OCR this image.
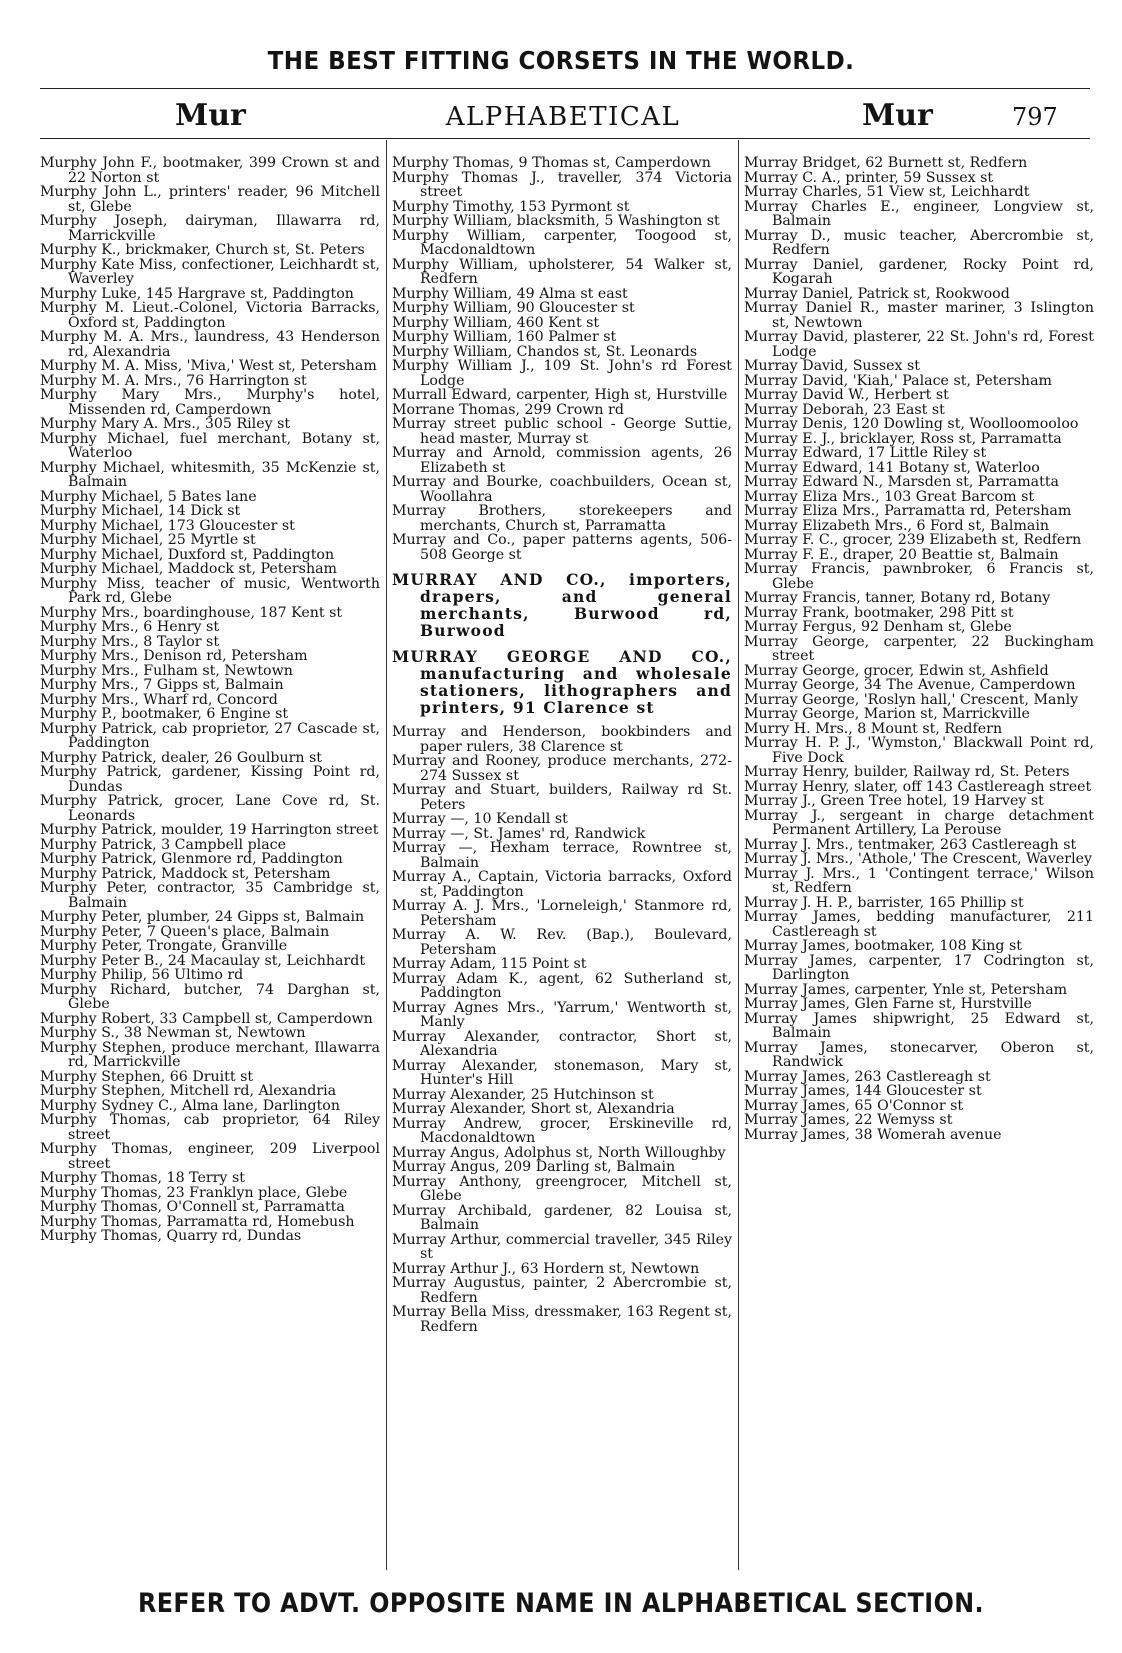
THE BEST FITTING CORSETS IN THE WORLD.
Mur	ALPHABETICAL	Mur	797

Murphy John F., bootmaker, 399 Crown st and 22 Norton st

Murphy John L., printers' reader, 96 Mitchell st, Glebe

Murphy Joseph, dairyman, Illawarra rd, Marrickville

Murphy K., brickmaker, Church st, St. Peters

Murphy Kate Miss, confectioner, Leichhardt st, Waverley

Murphy Luke, 145 Hargrave st, Paddington

Murphy M. Lieut.-Colonel, Victoria Barracks, Oxford st, Paddington

Murphy M. A. Mrs., laundress, 43 Henderson rd, Alexandria

Murphy M. A. Miss, 'Miva,' West st, Petersham

Murphy M. A. Mrs., 76 Harrington st

Murphy Mary Mrs., Murphy's hotel, Missenden rd, Camperdown

Murphy Mary A. Mrs., 305 Riley st

Murphy Michael, fuel merchant, Botany st, Waterloo

Murphy Michael, whitesmith, 35 McKenzie st, Balmain

Murphy Michael, 5 Bates lane

Murphy Michael, 14 Dick st

Murphy Michael, 173 Gloucester st

Murphy Michael, 25 Myrtle st

Murphy Michael, Duxford st, Paddington

Murphy Michael, Maddock st, Petersham

Murphy Miss, teacher of music, Wentworth Park rd, Glebe

Murphy Mrs., boardinghouse, 187 Kent st

Murphy Mrs., 6 Henry st

Murphy Mrs., 8 Taylor st

Murphy Mrs., Denison rd, Petersham

Murphy Mrs., Fulham st, Newtown

Murphy Mrs., 7 Gipps st, Balmain

Murphy Mrs., Wharf rd, Concord

Murphy P., bootmaker, 6 Engine st

Murphy Patrick, cab proprietor, 27 Cascade st, Paddington

Murphy Patrick, dealer, 26 Goulburn st

Murphy Patrick, gardener, Kissing Point rd, Dundas

Murphy Patrick, grocer, Lane Cove rd, St. Leonards

Murphy Patrick, moulder, 19 Harrington street

Murphy Patrick, 3 Campbell place

Murphy Patrick, Glenmore rd, Paddington

Murphy Patrick, Maddock st, Petersham

Murphy Peter, contractor, 35 Cambridge st, Balmain

Murphy Peter, plumber, 24 Gipps st, Balmain

Murphy Peter, 7 Queen's place, Balmain

Murphy Peter, Trongate, Granville

Murphy Peter B., 24 Macaulay st, Leichhardt

Murphy Philip, 56 Ultimo rd

Murphy Richard, butcher, 74 Darghan st, Glebe

Murphy Robert, 33 Campbell st, Camperdown

Murphy S., 38 Newman st, Newtown

Murphy Stephen, produce merchant, Illawarra rd, Marrickville

Murphy Stephen, 66 Druitt st

Murphy Stephen, Mitchell rd, Alexandria

Murphy Sydney C., Alma lane, Darlington

Murphy Thomas, cab proprietor, 64 Riley street

Murphy Thomas, engineer, 209 Liverpool street

Murphy Thomas, 18 Terry st

Murphy Thomas, 23 Franklyn place, Glebe

Murphy Thomas, O'Connell st, Parramatta

Murphy Thomas, Parramatta rd, Homebush

Murphy Thomas, Quarry rd, Dundas

Murphy Thomas, 9 Thomas st, Camperdown

Murphy Thomas J., traveller, 374 Victoria street

Murphy Timothy, 153 Pyrmont st

Murphy William, blacksmith, 5 Washington st

Murphy William, carpenter, Toogood st, Macdonaldtown

Murphy William, upholsterer, 54 Walker st, Redfern

Murphy William, 49 Alma st east

Murphy William, 90 Gloucester st

Murphy William, 460 Kent st

Murphy William, 160 Palmer st

Murphy William, Chandos st, St. Leonards

Murphy William J., 109 St. John's rd Forest Lodge

Murrall Edward, carpenter, High st, Hurstville

Morrane Thomas, 299 Crown rd

Murray street public school - George Suttie, head master, Murray st

Murray and Arnold, commission agents, 26 Elizabeth st

Murray and Bourke, coachbuilders, Ocean st, Woollahra

Murray Brothers, storekeepers and merchants, Church st, Parramatta

Murray and Co., paper patterns agents, 506-508 George st

MURRAY AND CO., importers, drapers, and general merchants, Burwood rd, Burwood

MURRAY GEORGE AND CO., manufacturing and wholesale stationers, lithographers and printers, 91 Clarence st

Murray and Henderson, bookbinders and paper rulers, 38 Clarence st

Murray and Rooney, produce merchants, 272-274 Sussex st

Murray and Stuart, builders, Railway rd St. Peters

Murray —, 10 Kendall st

Murray —, St. James' rd, Randwick

Murray —, Hexham terrace, Rowntree st, Balmain

Murray A., Captain, Victoria barracks, Oxford st, Paddington

Murray A. J. Mrs., 'Lorneleigh,' Stanmore rd, Petersham

Murray A. W. Rev. (Bap.), Boulevard, Petersham

Murray Adam, 115 Point st

Murray Adam K., agent, 62 Sutherland st, Paddington

Murray Agnes Mrs., 'Yarrum,' Wentworth st, Manly

Murray Alexander, contractor, Short st, Alexandria

Murray Alexander, stonemason, Mary st, Hunter's Hill

Murray Alexander, 25 Hutchinson st

Murray Alexander, Short st, Alexandria

Murray Andrew, grocer, Erskineville rd, Macdonaldtown

Murray Angus, Adolphus st, North Willoughby

Murray Angus, 209 Darling st, Balmain

Murray Anthony, greengrocer, Mitchell st, Glebe

Murray Archibald, gardener, 82 Louisa st, Balmain

Murray Arthur, commercial traveller, 345 Riley st

Murray Arthur J., 63 Hordern st, Newtown

Murray Augustus, painter, 2 Abercrombie st, Redfern

Murray Bella Miss, dressmaker, 163 Regent st, Redfern

Murray Bridget, 62 Burnett st, Redfern

Murray C. A., printer, 59 Sussex st

Murray Charles, 51 View st, Leichhardt

Murray Charles E., engineer, Longview st, Balmain

Murray D., music teacher, Abercrombie st, Redfern

Murray Daniel, gardener, Rocky Point rd, Kogarah

Murray Daniel, Patrick st, Rookwood

Murray Daniel R., master mariner, 3 Islington st, Newtown

Murray David, plasterer, 22 St. John's rd, Forest Lodge

Murray David, Sussex st

Murray David, 'Kiah,' Palace st, Petersham

Murray David W., Herbert st

Murray Deborah, 23 East st

Murray Denis, 120 Dowling st, Woolloomooloo

Murray E. J., bricklayer, Ross st, Parramatta

Murray Edward, 17 Little Riley st

Murray Edward, 141 Botany st, Waterloo

Murray Edward N., Marsden st, Parramatta

Murray Eliza Mrs., 103 Great Barcom st

Murray Eliza Mrs., Parramatta rd, Petersham

Murray Elizabeth Mrs., 6 Ford st, Balmain

Murray F. C., grocer, 239 Elizabeth st, Redfern

Murray F. E., draper, 20 Beattie st, Balmain

Murray Francis, pawnbroker, 6 Francis st, Glebe

Murray Francis, tanner, Botany rd, Botany

Murray Frank, bootmaker, 298 Pitt st

Murray Fergus, 92 Denham st, Glebe

Murray George, carpenter, 22 Buckingham street

Murray George, grocer, Edwin st, Ashfield

Murray George, 34 The Avenue, Camperdown

Murray George, 'Roslyn hall,' Crescent, Manly

Murray George, Marion st, Marrickville

Murry H. Mrs., 8 Mount st, Redfern

Murray H. P. J., 'Wymston,' Blackwall Point rd, Five Dock

Murray Henry, builder, Railway rd, St. Peters

Murray Henry, slater, off 143 Castlereagh street

Murray J., Green Tree hotel, 19 Harvey st

Murray J., sergeant in charge detachment Permanent Artillery, La Perouse

Murray J. Mrs., tentmaker, 263 Castlereagh st

Murray J. Mrs., 'Athole,' The Crescent, Waverley

Murray J. Mrs., 1 'Contingent terrace,' Wilson st, Redfern

Murray J. H. P., barrister, 165 Phillip st

Murray James, bedding manufacturer, 211 Castlereagh st

Murray James, bootmaker, 108 King st

Murray James, carpenter, 17 Codrington st, Darlington

Murray James, carpenter, Ynle st, Petersham

Murray James, Glen Farne st, Hurstville

Murray James shipwright, 25 Edward st, Balmain

Murray James, stonecarver, Oberon st, Randwick

Murray James, 263 Castlereagh st

Murray James, 144 Gloucester st

Murray James, 65 O'Connor st

Murray James, 22 Wemyss st

Murray James, 38 Womerah avenue

REFER TO ADVT. OPPOSITE NAME IN ALPHABETICAL SECTION.
